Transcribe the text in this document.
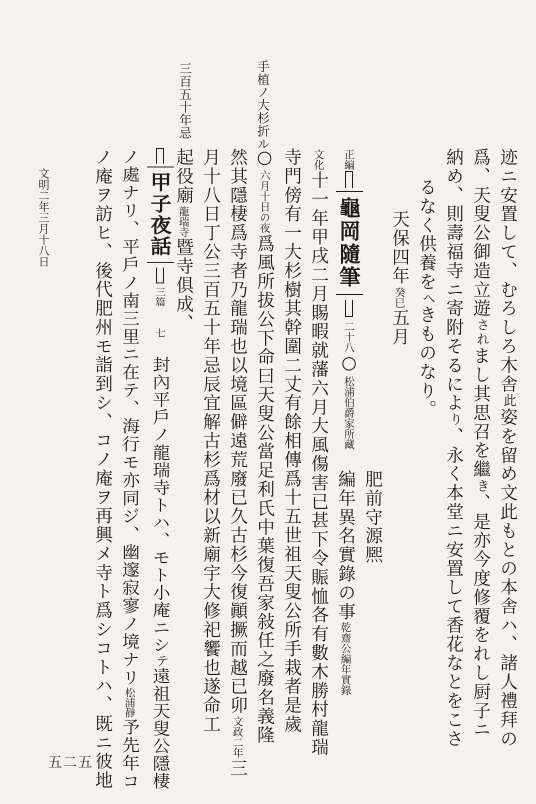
手植ノ大杉折ル
三百五十年忌
文明二年三月十八日
五二五
迹ニ安置して、むろしろ木舎此姿を留め文此もとの本舎ハ、諸人禮拜の
爲、天叟公御造立遊されまし其思召を繼き、是亦今度修覆をれし厨子ニ
納め、則壽福寺ニ寄附そるにより、永く本堂ニ安置して香花なとをこさ
るなく供養をへきものなり。
天保四年癸巳五月
肥前守源熈
編年異名實錄の事乾齋公編年實錄
正編龜岡隨筆二十八○松浦伯爵家所藏
文化十一年甲戌二月賜暇就藩六月大風傷害已甚下令賑恤各有數木勝村龍瑞
寺門傍有一大杉樹其幹圍二丈有餘相傳爲十五世祖天叟公所手栽者是歲
○六月十日の夜爲風所拔公下命曰天叟公當足利氏中葉復吾家敍任之廢名義隆
然其隱棲爲寺者乃龍瑞也以境區僻遠荒廢已久古杉今復顚撅而越已卯文政二年三
月十八日丁公三百五十年忌辰宜解古杉爲材以新廟宇大修祀饗也遂命工
起役廟龍瑞寺暨寺俱成、
甲子夜話三篇 七　封內平戶ノ龍瑞寺トハ、モト小庵ニシテ遠祖天叟公隱棲
ノ處ナリ、平戶ノ南三里ニ在テ、海行モ亦同ジ、幽邃寂寥ノ境ナリ松浦靜予先年コ
ノ庵ヲ訪ヒ、後代肥州モ詣到シ、コノ庵ヲ再興メ寺ト爲シコトハ、既ニ彼地
